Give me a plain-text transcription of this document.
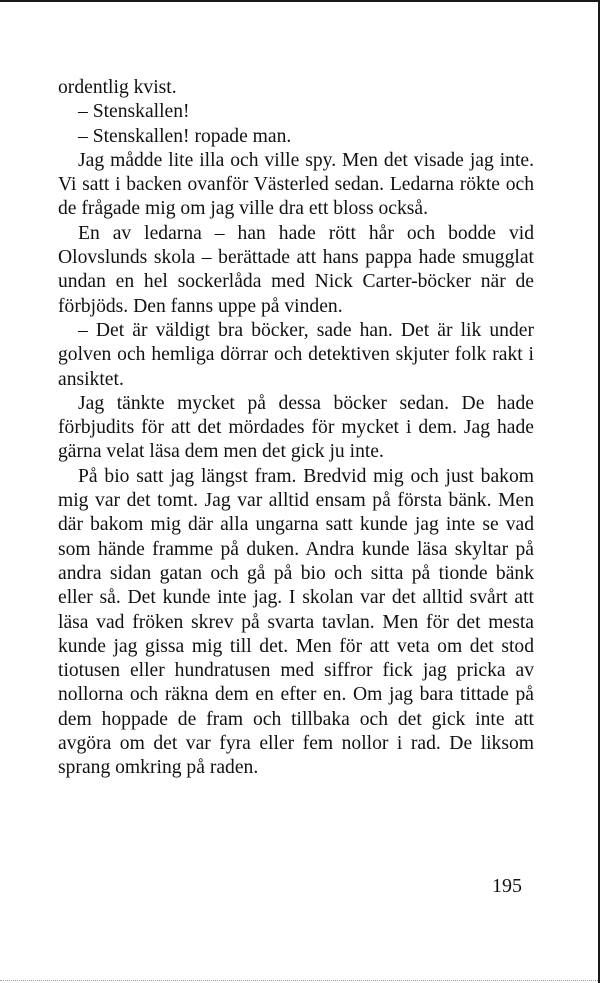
ordentlig kvist.

– Stenskallen!

– Stenskallen! ropade man.

Jag mådde lite illa och ville spy. Men det visade jag inte. Vi satt i backen ovanför Västerled sedan. Ledarna rökte och de frågade mig om jag ville dra ett bloss också.

En av ledarna – han hade rött hår och bodde vid Olovslunds skola – berättade att hans pappa hade smugglat undan en hel sockerlåda med Nick Carter-böcker när de förbjöds. Den fanns uppe på vinden.

– Det är väldigt bra böcker, sade han. Det är lik under golven och hemliga dörrar och detektiven skjuter folk rakt i ansiktet.

Jag tänkte mycket på dessa böcker sedan. De hade förbjudits för att det mördades för mycket i dem. Jag hade gärna velat läsa dem men det gick ju inte.

På bio satt jag längst fram. Bredvid mig och just bakom mig var det tomt. Jag var alltid ensam på första bänk. Men där bakom mig där alla ungarna satt kunde jag inte se vad som hände framme på duken. Andra kunde läsa skyltar på andra sidan gatan och gå på bio och sitta på tionde bänk eller så. Det kunde inte jag. I skolan var det alltid svårt att läsa vad fröken skrev på svarta tavlan. Men för det mesta kunde jag gissa mig till det. Men för att veta om det stod tiotusen eller hundratusen med siffror fick jag pricka av nollorna och räkna dem en efter en. Om jag bara tittade på dem hoppade de fram och tillbaka och det gick inte att avgöra om det var fyra eller fem nollor i rad. De liksom sprang omkring på raden.

195
